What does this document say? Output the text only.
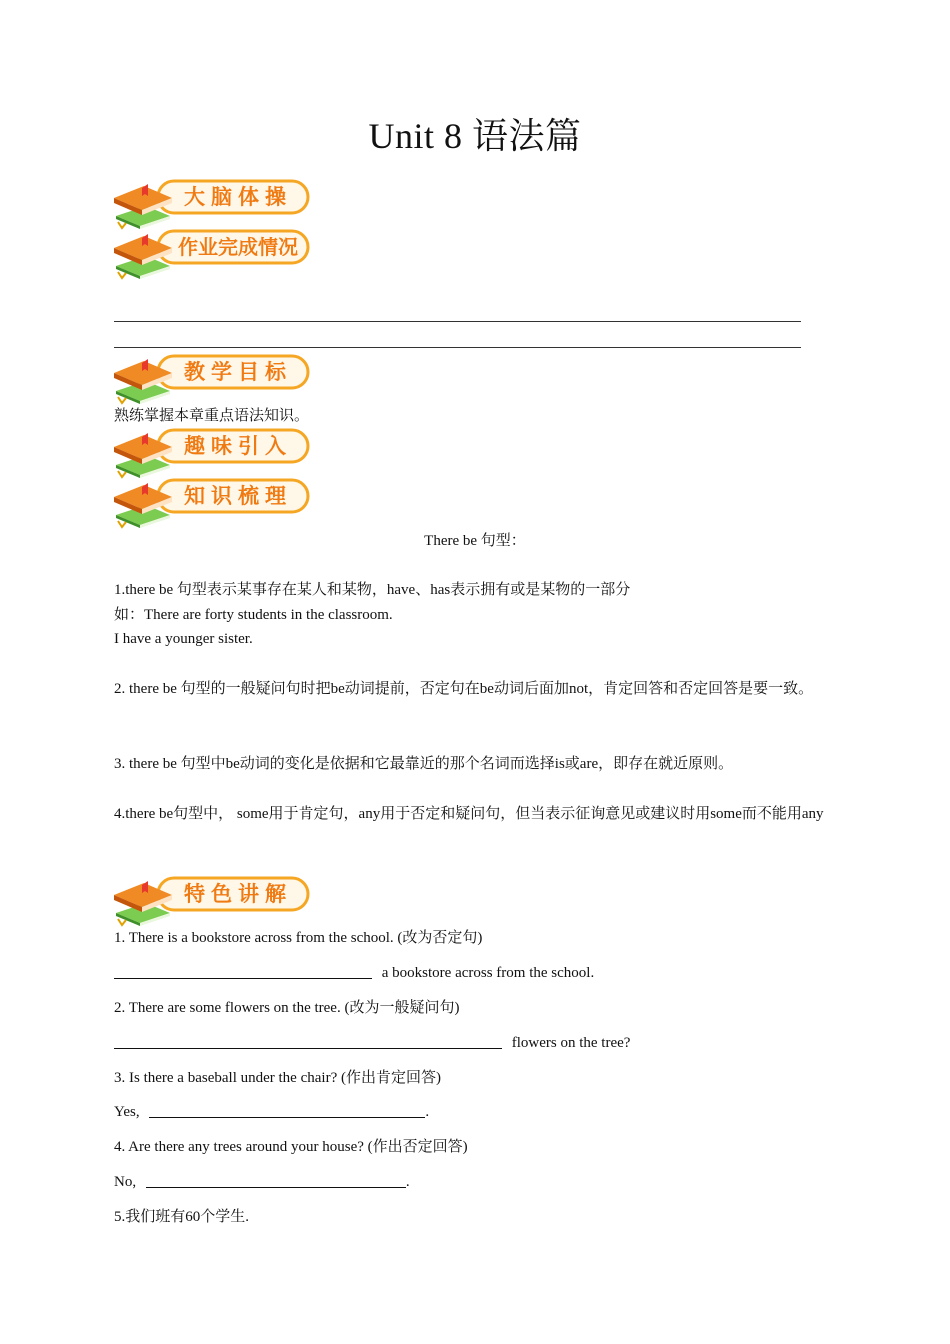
Unit 8 语法篇
大脑体操
作业完成情况
教学目标
熟练掌握本章重点语法知识。
趣味引入
知识梳理
There be 句型：
1.there be 句型表示某事存在某人和某物，have、has表示拥有或是某物的一部分
如：There are forty students in the classroom.
I have a younger sister.
2. there be 句型的一般疑问句时把be动词提前，否定句在be动词后面加not，肯定回答和否定回答是要一致。
3. there be 句型中be动词的变化是依据和它最靠近的那个名词而选择is或are，即存在就近原则。
4.there be句型中， some用于肯定句，any用于否定和疑问句，但当表示征询意见或建议时用some而不能用any
特色讲解
1. There is a bookstore across from the school. (改为否定句)
a bookstore across from the school.
2. There are some flowers on the tree. (改为一般疑问句)
flowers on the tree?
3. Is there a baseball under the chair? (作出肯定回答)
Yes,	.
4. Are there any trees around your house? (作出否定回答)
No,	.
5.我们班有60个学生.
